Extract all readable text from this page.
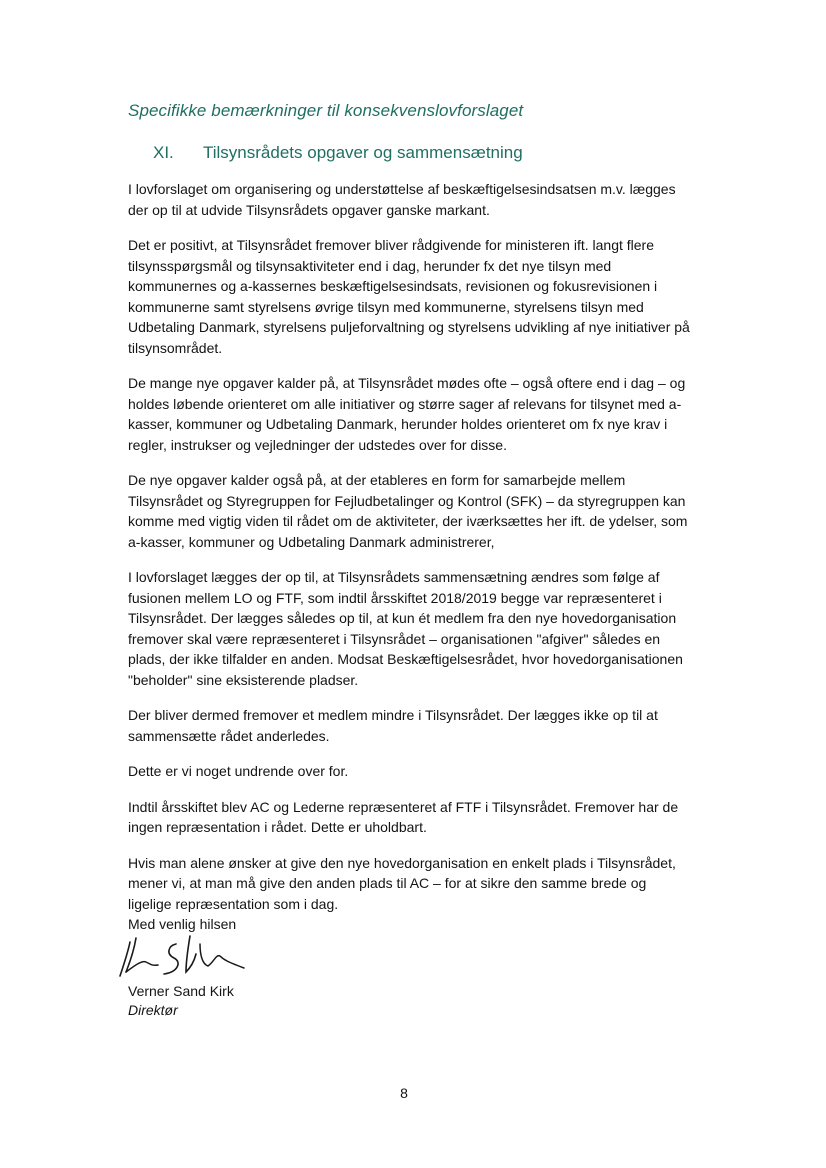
Specifikke bemærkninger til konsekvenslovforslaget
XI. Tilsynsrådets opgaver og sammensætning

I lovforslaget om organisering og understøttelse af beskæftigelsesindsatsen m.v. lægges der op til at udvide Tilsynsrådets opgaver ganske markant.

Det er positivt, at Tilsynsrådet fremover bliver rådgivende for ministeren ift. langt flere tilsynsspørgsmål og tilsynsaktiviteter end i dag, herunder fx det nye tilsyn med kommunernes og a-kassernes beskæftigelsesindsats, revisionen og fokusrevisionen i kommunerne samt styrelsens øvrige tilsyn med kommunerne, styrelsens tilsyn med Udbetaling Danmark, styrelsens puljeforvaltning og styrelsens udvikling af nye initiativer på tilsynsområdet.

De mange nye opgaver kalder på, at Tilsynsrådet mødes ofte – også oftere end i dag – og holdes løbende orienteret om alle initiativer og større sager af relevans for tilsynet med a-kasser, kommuner og Udbetaling Danmark, herunder holdes orienteret om fx nye krav i regler, instrukser og vejledninger der udstedes over for disse.

De nye opgaver kalder også på, at der etableres en form for samarbejde mellem Tilsynsrådet og Styregruppen for Fejludbetalinger og Kontrol (SFK) – da styregruppen kan komme med vigtig viden til rådet om de aktiviteter, der iværksættes her ift. de ydelser, som a-kasser, kommuner og Udbetaling Danmark administrerer,

I lovforslaget lægges der op til, at Tilsynsrådets sammensætning ændres som følge af fusionen mellem LO og FTF, som indtil årsskiftet 2018/2019 begge var repræsenteret i Tilsynsrådet. Der lægges således op til, at kun ét medlem fra den nye hovedorganisation fremover skal være repræsenteret i Tilsynsrådet – organisationen "afgiver" således en plads, der ikke tilfalder en anden. Modsat Beskæftigelsesrådet, hvor hovedorganisationen "beholder" sine eksisterende pladser.

Der bliver dermed fremover et medlem mindre i Tilsynsrådet. Der lægges ikke op til at sammensætte rådet anderledes.

Dette er vi noget undrende over for.

Indtil årsskiftet blev AC og Lederne repræsenteret af FTF i Tilsynsrådet. Fremover har de ingen repræsentation i rådet. Dette er uholdbart.

Hvis man alene ønsker at give den nye hovedorganisation en enkelt plads i Tilsynsrådet, mener vi, at man må give den anden plads til AC – for at sikre den samme brede og ligelige repræsentation som i dag.

Med venlig hilsen

Verner Sand Kirk

Direktør

8
